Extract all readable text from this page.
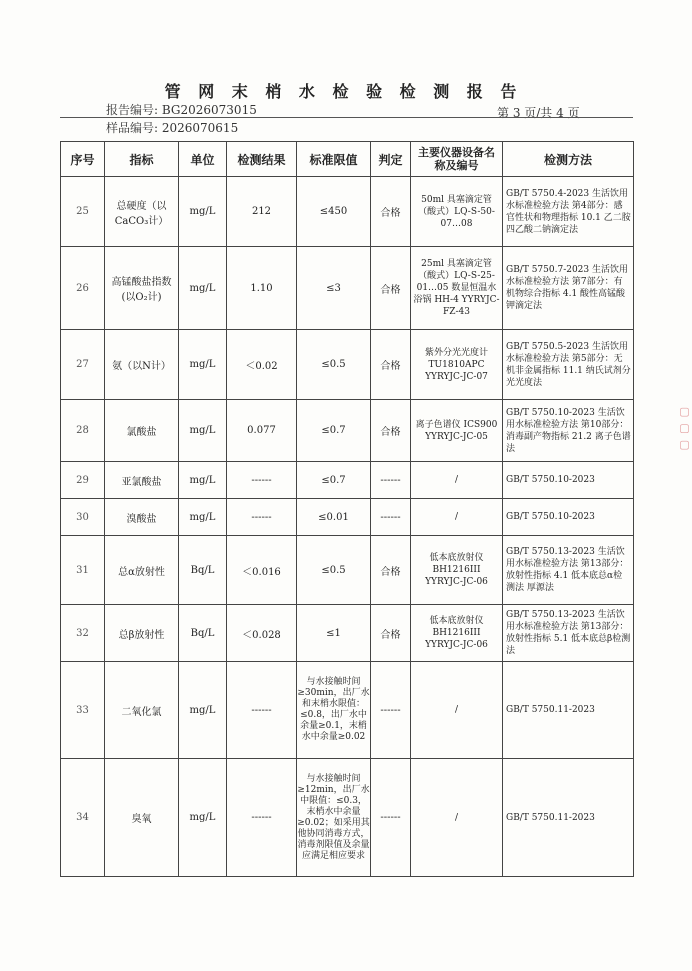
管 网 末 梢 水 检 验 检 测 报 告
报告编号: BG2026073015	第 3 页/共 4 页
样品编号: 2026070615
序号	指标	单位	检测结果	标准限值	判定	主要仪器设备名称及编号	检测方法
25	总硬度（以CaCO₃计）	mg/L	212	≤450	合格	50ml 具塞滴定管（酸式）LQ-S-50-07…08	GB/T 5750.4-2023 生活饮用水标准检验方法 第4部分：感官性状和物理指标 10.1 乙二胺四乙酸二钠滴定法
26	高锰酸盐指数(以O₂计)	mg/L	1.10	≤3	合格	25ml 具塞滴定管（酸式）LQ-S-25-01…05 数显恒温水浴锅 HH-4 YYRYJC-FZ-43	GB/T 5750.7-2023 生活饮用水标准检验方法 第7部分：有机物综合指标 4.1 酸性高锰酸钾滴定法
27	氨（以N计）	mg/L	＜0.02	≤0.5	合格	紫外分光光度计 TU1810APC YYRYJC-JC-07	GB/T 5750.5-2023 生活饮用水标准检验方法 第5部分：无机非金属指标 11.1 纳氏试剂分光光度法
28	氯酸盐	mg/L	0.077	≤0.7	合格	离子色谱仪 ICS900 YYRYJC-JC-05	GB/T 5750.10-2023 生活饮用水标准检验方法 第10部分：消毒副产物指标 21.2 离子色谱法
29	亚氯酸盐	mg/L	------	≤0.7	------	/	GB/T 5750.10-2023
30	溴酸盐	mg/L	------	≤0.01	------	/	GB/T 5750.10-2023
31	总α放射性	Bq/L	＜0.016	≤0.5	合格	低本底放射仪 BH1216III YYRYJC-JC-06	GB/T 5750.13-2023 生活饮用水标准检验方法 第13部分：放射性指标 4.1 低本底总α检测法 厚源法
32	总β放射性	Bq/L	＜0.028	≤1	合格	低本底放射仪 BH1216III YYRYJC-JC-06	GB/T 5750.13-2023 生活饮用水标准检验方法 第13部分：放射性指标 5.1 低本底总β检测法
33	二氧化氯	mg/L	------	与水接触时间≥30min，出厂水和末梢水限值：≤0.8，出厂水中余量≥0.1，末梢水中余量≥0.02	------	/	GB/T 5750.11-2023
34	臭氧	mg/L	------	与水接触时间≥12min，出厂水中限值：≤0.3，末梢水中余量≥0.02；如采用其他协同消毒方式，消毒剂限值及余量应满足相应要求	------	/	GB/T 5750.11-2023
▢ ▢ ▢
